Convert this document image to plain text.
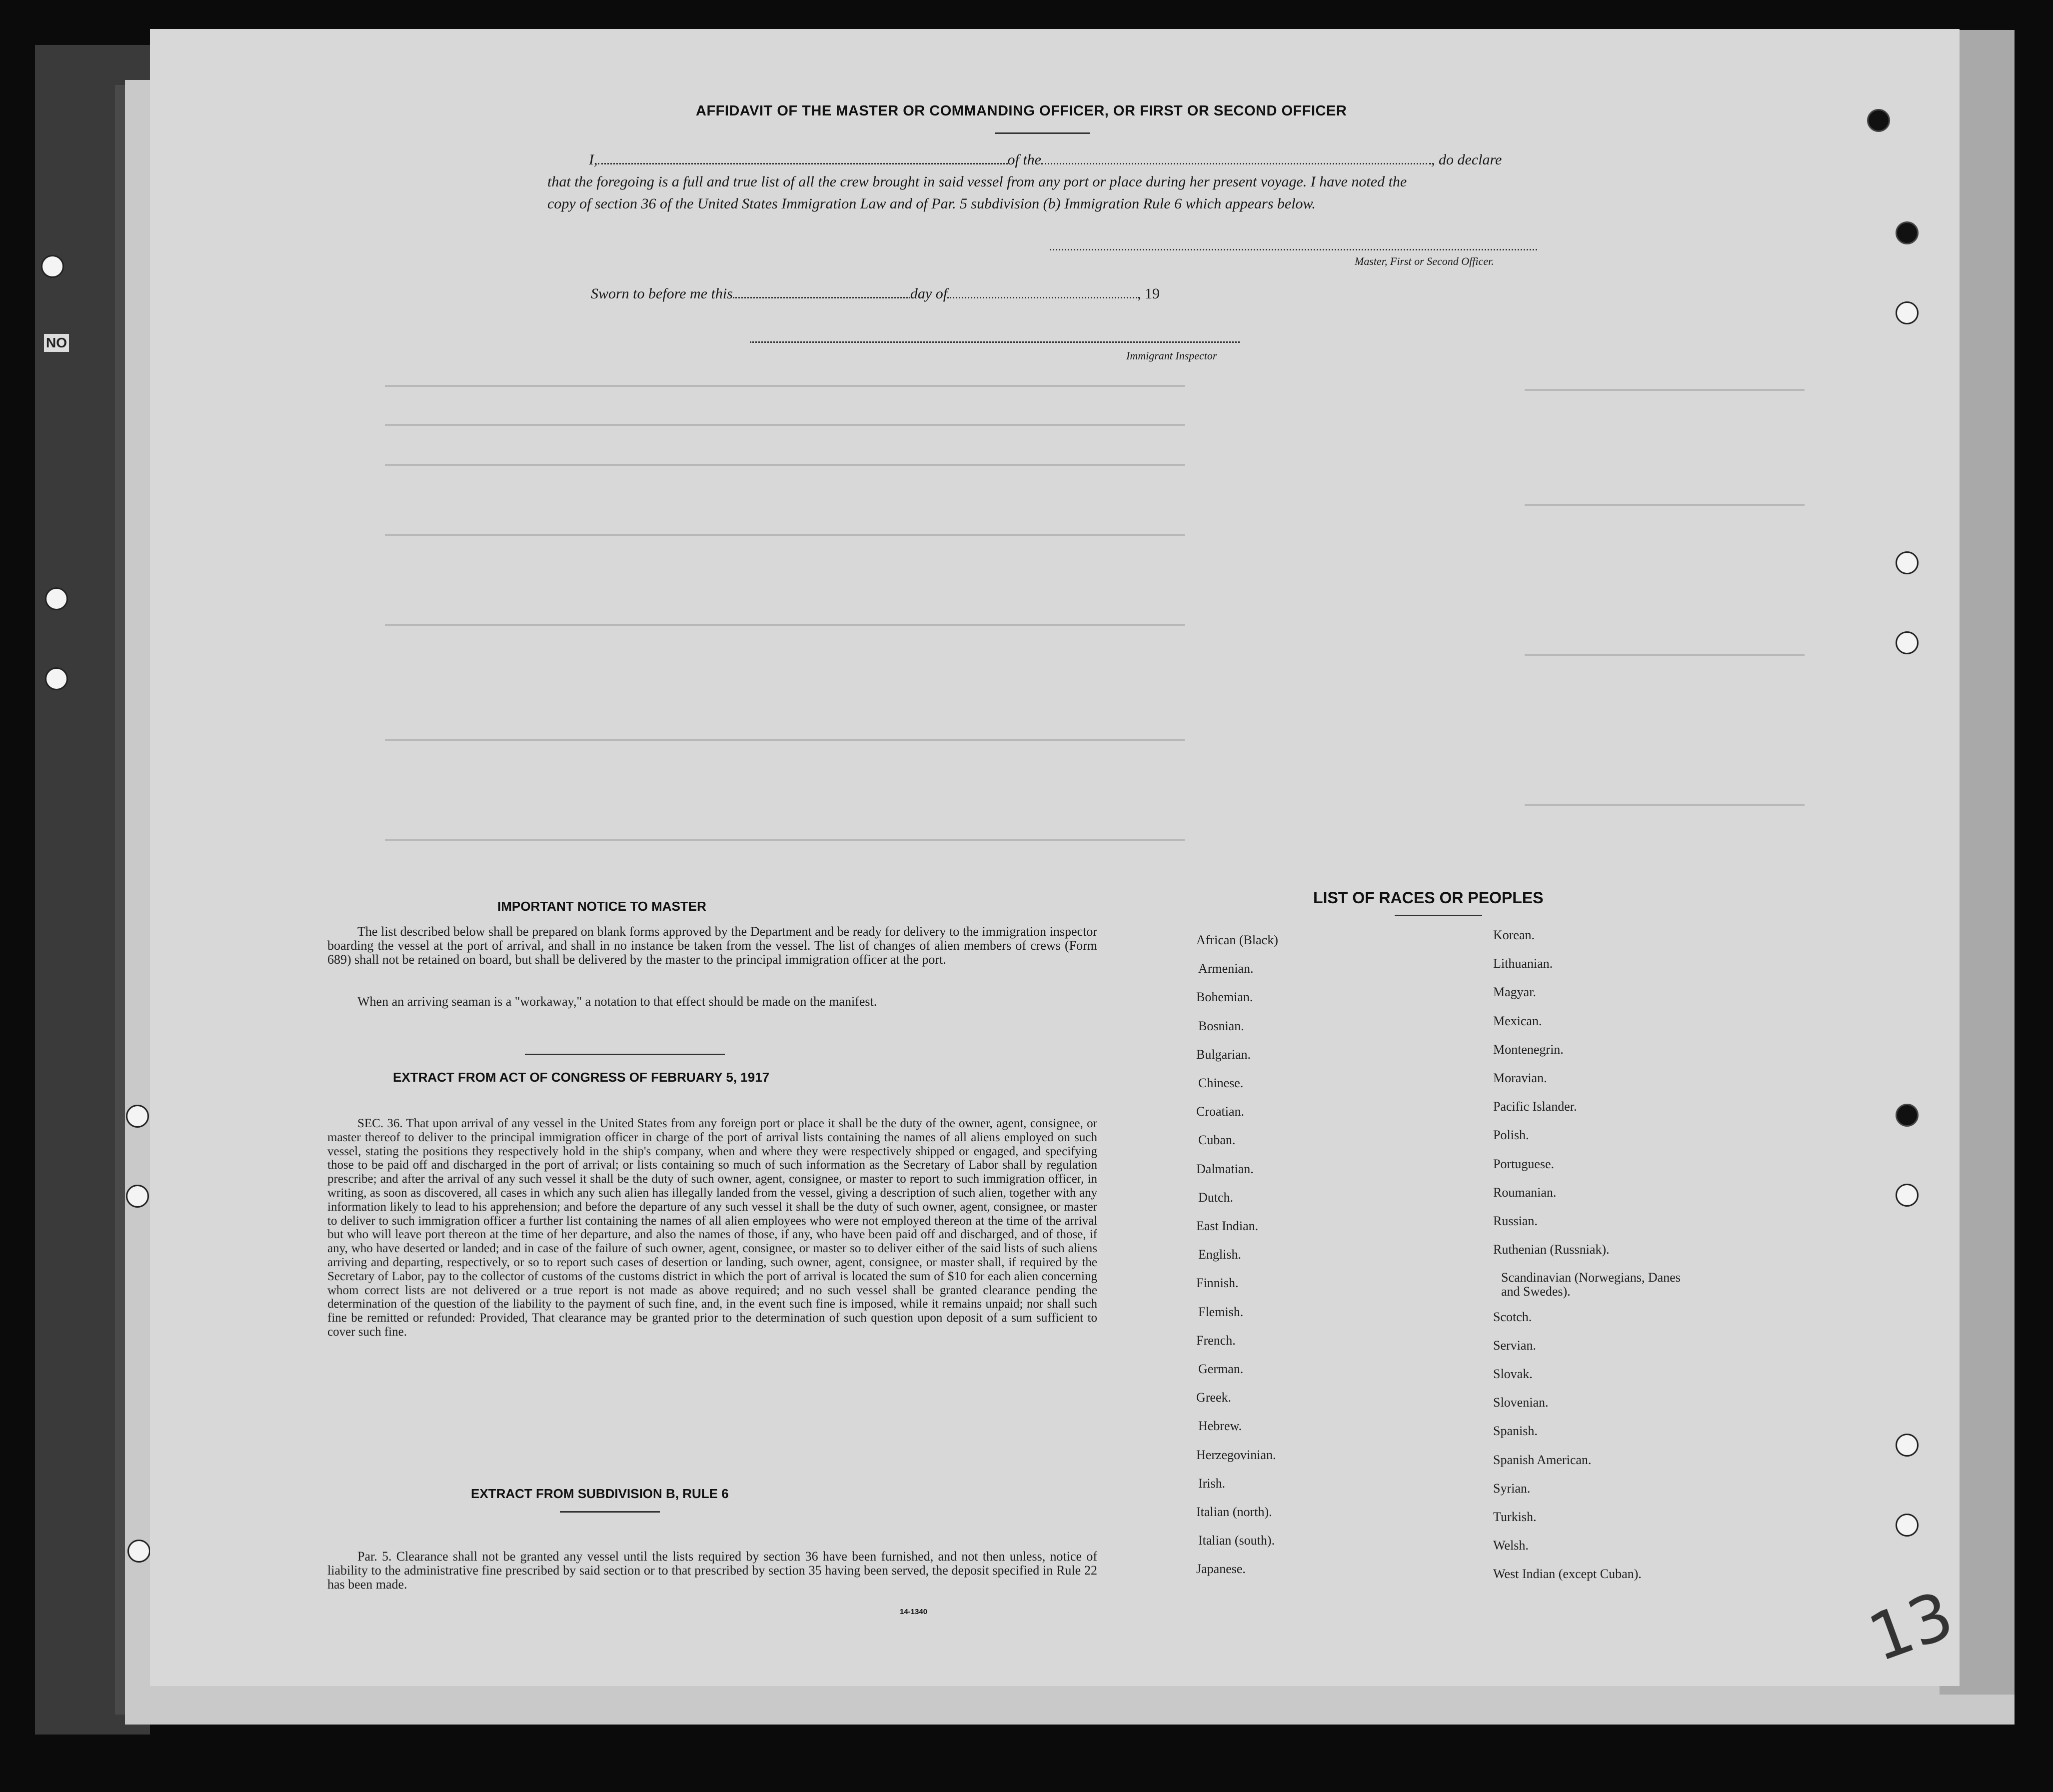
NO
AFFIDAVIT OF THE MASTER OR COMMANDING OFFICER, OR FIRST OR SECOND OFFICER
I,	of the	, do declare
that the foregoing is a full and true list of all the crew brought in said vessel from any port or place during her present voyage. I have noted the
copy of section 36 of the United States Immigration Law and of Par. 5 subdivision (b) Immigration Rule 6 which appears below.
Master, First or Second Officer.
Sworn to before me this	day of	, 19
Immigrant Inspector
IMPORTANT NOTICE TO MASTER
The list described below shall be prepared on blank forms approved by the Department and be ready for delivery to the immigration inspector boarding the vessel at the port of arrival, and shall in no instance be taken from the vessel. The list of changes of alien members of crews (Form 689) shall not be retained on board, but shall be delivered by the master to the principal immigration officer at the port.
When an arriving seaman is a "workaway," a notation to that effect should be made on the manifest.
EXTRACT FROM ACT OF CONGRESS OF FEBRUARY 5, 1917
SEC. 36. That upon arrival of any vessel in the United States from any foreign port or place it shall be the duty of the owner, agent, consignee, or master thereof to deliver to the principal immigration officer in charge of the port of arrival lists containing the names of all aliens employed on such vessel, stating the positions they respectively hold in the ship's company, when and where they were respectively shipped or engaged, and specifying those to be paid off and discharged in the port of arrival; or lists containing so much of such information as the Secretary of Labor shall by regulation prescribe; and after the arrival of any such vessel it shall be the duty of such owner, agent, consignee, or master to report to such immigration officer, in writing, as soon as discovered, all cases in which any such alien has illegally landed from the vessel, giving a description of such alien, together with any information likely to lead to his apprehension; and before the departure of any such vessel it shall be the duty of such owner, agent, consignee, or master to deliver to such immigration officer a further list containing the names of all alien employees who were not employed thereon at the time of the arrival but who will leave port thereon at the time of her departure, and also the names of those, if any, who have been paid off and discharged, and of those, if any, who have deserted or landed; and in case of the failure of such owner, agent, consignee, or master so to deliver either of the said lists of such aliens arriving and departing, respectively, or so to report such cases of desertion or landing, such owner, agent, consignee, or master shall, if required by the Secretary of Labor, pay to the collector of customs of the customs district in which the port of arrival is located the sum of $10 for each alien concerning whom correct lists are not delivered or a true report is not made as above required; and no such vessel shall be granted clearance pending the determination of the question of the liability to the payment of such fine, and, in the event such fine is imposed, while it remains unpaid; nor shall such fine be remitted or refunded: Provided, That clearance may be granted prior to the determination of such question upon deposit of a sum sufficient to cover such fine.
EXTRACT FROM SUBDIVISION B, RULE 6
Par. 5. Clearance shall not be granted any vessel until the lists required by section 36 have been furnished, and not then unless, notice of liability to the administrative fine prescribed by said section or to that prescribed by section 35 having been served, the deposit specified in Rule 22 has been made.
14-1340
LIST OF RACES OR PEOPLES
13
African (Black)
Armenian.
Bohemian.
Bosnian.
Bulgarian.
Chinese.
Croatian.
Cuban.
Dalmatian.
Dutch.
East Indian.
English.
Finnish.
Flemish.
French.
German.
Greek.
Hebrew.
Herzegovinian.
Irish.
Italian (north).
Italian (south).
Japanese.
Korean.
Lithuanian.
Magyar.
Mexican.
Montenegrin.
Moravian.
Pacific Islander.
Polish.
Portuguese.
Roumanian.
Russian.
Ruthenian (Russniak).
Scandinavian (Norwegians, Danes and Swedes).
Scotch.
Servian.
Slovak.
Slovenian.
Spanish.
Spanish American.
Syrian.
Turkish.
Welsh.
West Indian (except Cuban).
